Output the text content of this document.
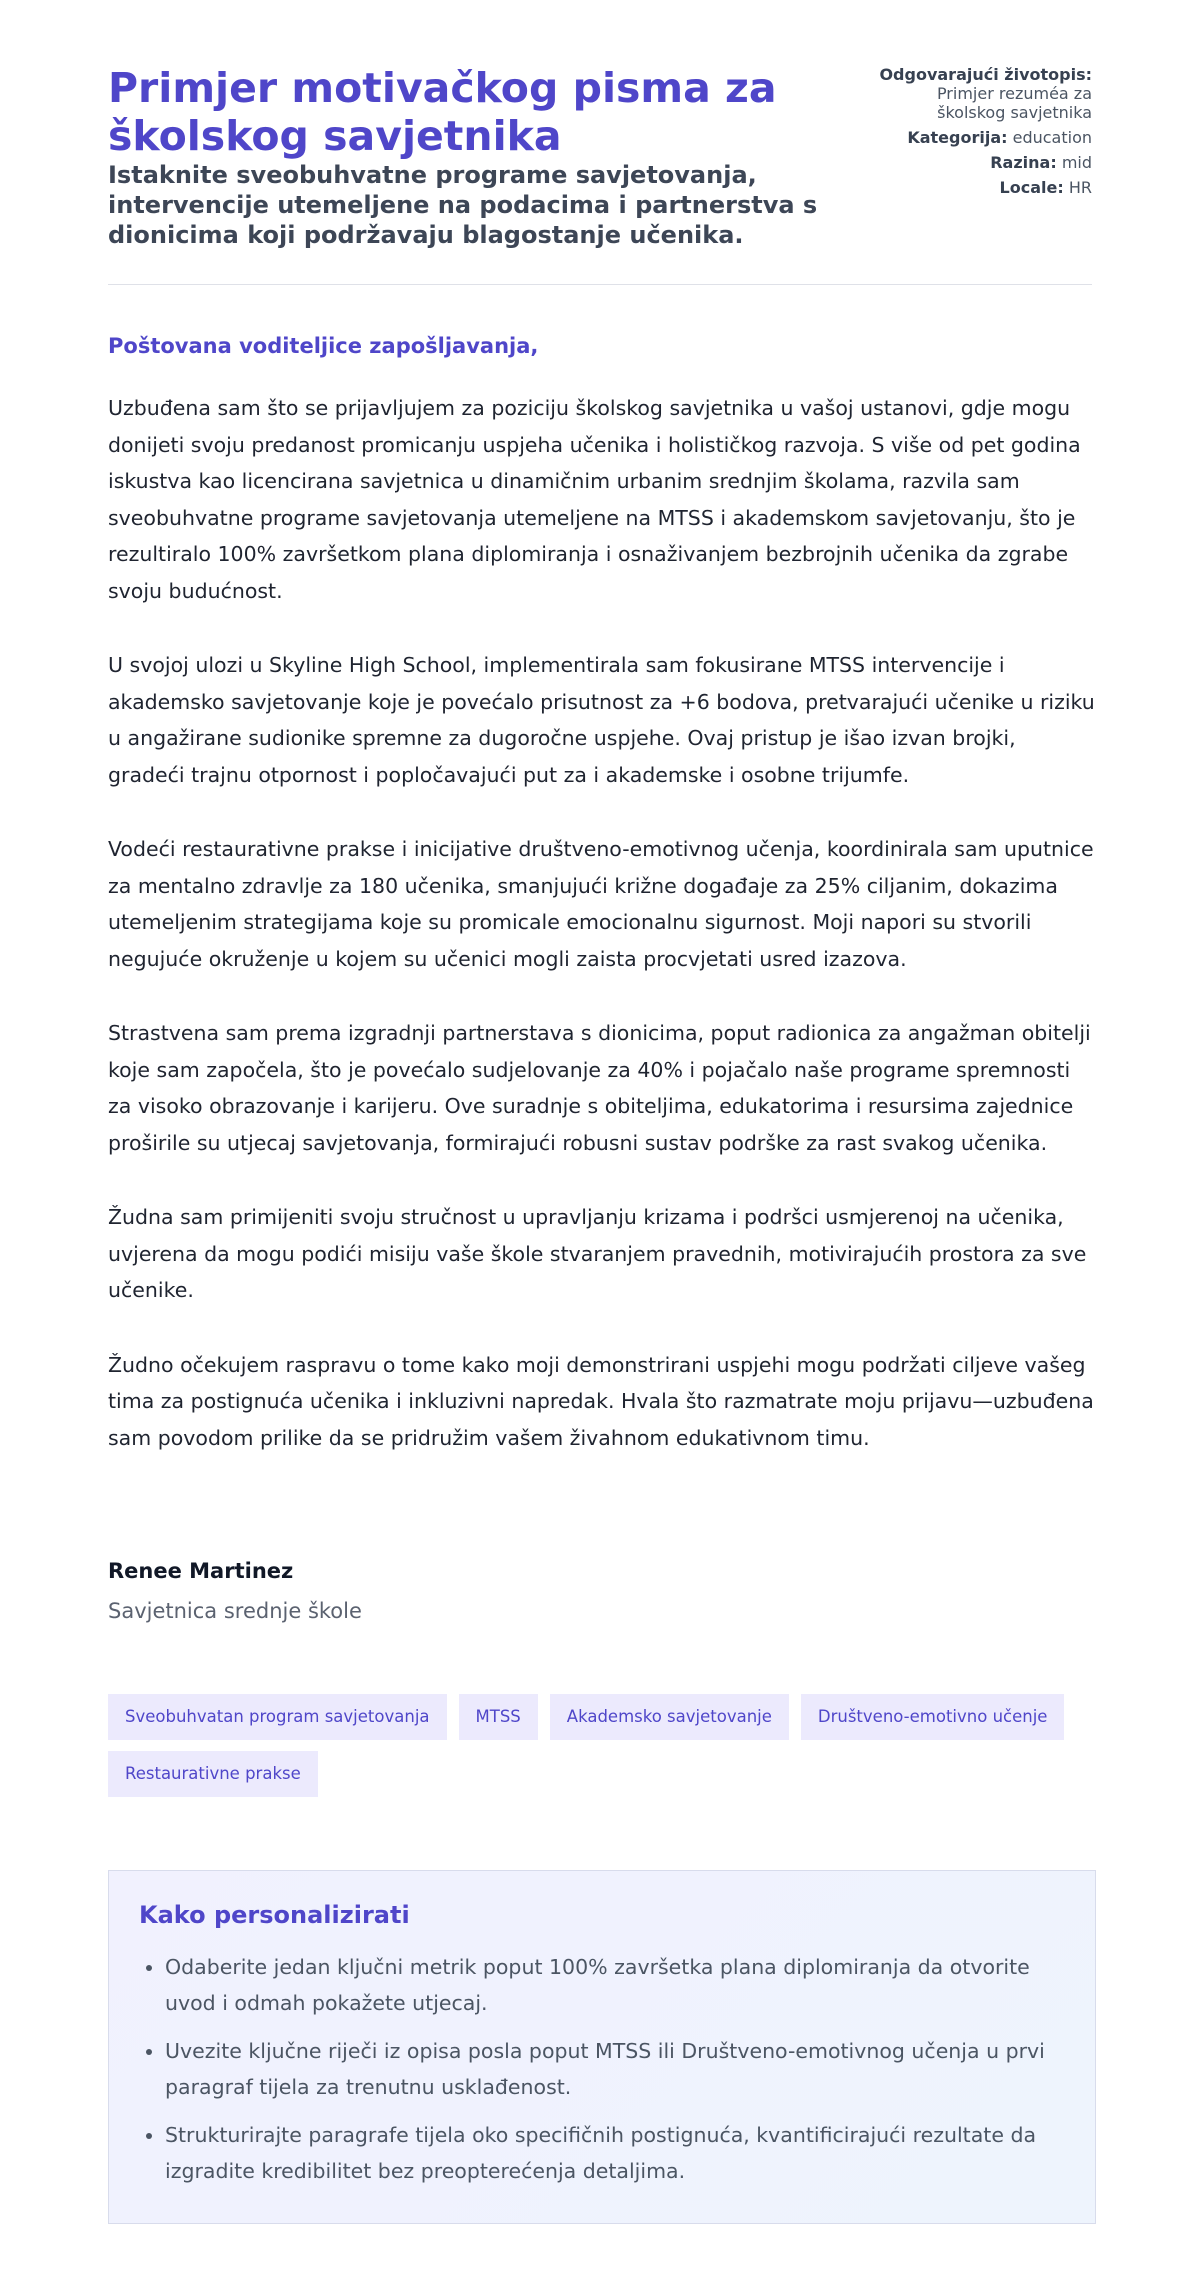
Primjer motivačkog pisma za školskog savjetnika
Istaknite sveobuhvatne programe savjetovanja, intervencije utemeljene na podacima i partnerstva s dionicima koji podržavaju blagostanje učenika.
Odgovarajući životopis: Primjer rezuméa za školskog savjetnika
Kategorija: education
Razina: mid
Locale: HR

Poštovana voditeljice zapošljavanja,

Uzbuđena sam što se prijavljujem za poziciju školskog savjetnika u vašoj ustanovi, gdje mogu donijeti svoju predanost promicanju uspjeha učenika i holističkog razvoja. S više od pet godina iskustva kao licencirana savjetnica u dinamičnim urbanim srednjim školama, razvila sam sveobuhvatne programe savjetovanja utemeljene na MTSS i akademskom savjetovanju, što je rezultiralo 100% završetkom plana diplomiranja i osnaživanjem bezbrojnih učenika da zgrabe svoju budućnost.

U svojoj ulozi u Skyline High School, implementirala sam fokusirane MTSS intervencije i akademsko savjetovanje koje je povećalo prisutnost za +6 bodova, pretvarajući učenike u riziku u angažirane sudionike spremne za dugoročne uspjehe. Ovaj pristup je išao izvan brojki, gradeći trajnu otpornost i popločavajući put za i akademske i osobne trijumfe.

Vodeći restaurativne prakse i inicijative društveno-emotivnog učenja, koordinirala sam uputnice za mentalno zdravlje za 180 učenika, smanjujući križne događaje za 25% ciljanim, dokazima utemeljenim strategijama koje su promicale emocionalnu sigurnost. Moji napori su stvorili negujuće okruženje u kojem su učenici mogli zaista procvjetati usred izazova.

Strastvena sam prema izgradnji partnerstava s dionicima, poput radionica za angažman obitelji koje sam započela, što je povećalo sudjelovanje za 40% i pojačalo naše programe spremnosti za visoko obrazovanje i karijeru. Ove suradnje s obiteljima, edukatorima i resursima zajednice proširile su utjecaj savjetovanja, formirajući robusni sustav podrške za rast svakog učenika.

Žudna sam primijeniti svoju stručnost u upravljanju krizama i podršci usmjerenoj na učenika, uvjerena da mogu podići misiju vaše škole stvaranjem pravednih, motivirajućih prostora za sve učenike.

Žudno očekujem raspravu o tome kako moji demonstrirani uspjehi mogu podržati ciljeve vašeg tima za postignuća učenika i inkluzivni napredak. Hvala što razmatrate moju prijavu—uzbuđena sam povodom prilike da se pridružim vašem živahnom edukativnom timu.

Renee Martinez

Savjetnica srednje škole

Sveobuhvatan program savjetovanja	MTSS	Akademsko savjetovanje	Društveno-emotivno učenje
Restaurativne prakse
Kako personalizirati
• Odaberite jedan ključni metrik poput 100% završetka plana diplomiranja da otvorite uvod i odmah pokažete utjecaj.
• Uvezite ključne riječi iz opisa posla poput MTSS ili Društveno-emotivnog učenja u prvi paragraf tijela za trenutnu usklađenost.
• Strukturirajte paragrafe tijela oko specifičnih postignuća, kvantificirajući rezultate da izgradite kredibilitet bez preopterećenja detaljima.
